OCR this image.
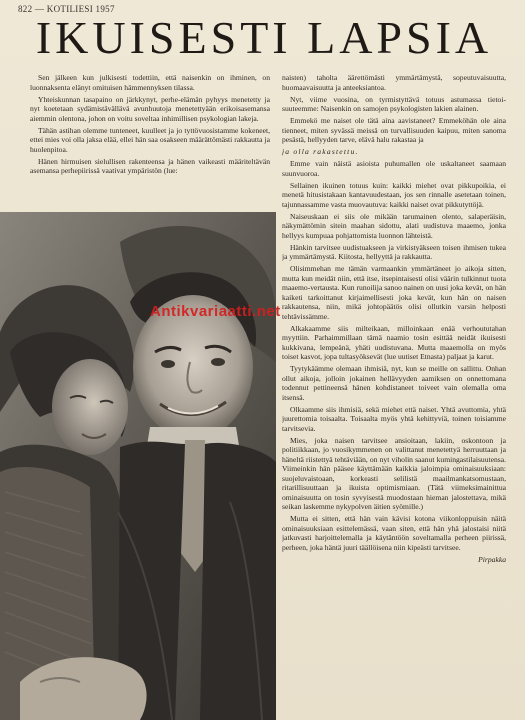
822 — KOTILIESI 1957
IKUISESTI LAPSIA

Sen jälkeen kun julkisesti todettiin, että naisenkin on ihminen, on luonnaksenta elänyt omituisen hämmennyksen tilassa.

Yhteiskunnan tasapaino on järkkynyt, perhe-elämän pyhyys menetetty ja nyt koetetaan sydämistävällävä avunhuutoja menetettyään erikoisasemansa aiemmin olentona, johon on voitu soveltaa inhimillisen psykologian lakeja.

Tähän astihan olemme tunteneet, kuulleet ja jo tyttövuosistamme kokeneet, ettei mies voi olla jaksa elää, ellei hän saa osakseen määrättömästi rakkautta ja huolenpitoa.

Hänen hirmuisen sielullisen rakenteensa ja hänen vaikeasti määriteltävän asemansa perhepiirissä vaativat ympäristön (lue:

Antikvariaatti.net

naisten) taholta äärettömästi ymmärtämystä, sopeutuvaisuutta, huomaavaisuutta ja anteeksiantoa.

Nyt, viime vuosina, on tyrmistyttävä totuus astumassa tietoisuuteemme: Naisenkin on samojen psykologisten lakien alainen.

Emmekö me naiset ole tätä aina aavistaneet? Emmeköhän ole aina tienneet, miten syvässä meissä on turvallisuuden kaipuu, miten sanoma pesästä, hellyyden tarve, elävä halu rakastaa ja

ja olla rakastettu.

Emme vain näistä asioista puhumallen ole uskaltaneet saamaan suunvuoroa.

Sellainen ikuinen totuus kuin: kaikki miehet ovat pikkupoikia, ei menetä hitusistakaan kantavuudestaan, jos sen rinnalle asetetaan toinen, tajunnassamme vasta muovautuva: kaikki naiset ovat pikkutyttöjä.

Naiseuskaan ei siis ole mikään tarumainen olento, salaperäisin, näkymättömin sitein maahan sidottu, alati uudistuva maaemo, jonka hellyys kumpuaa pohjattomista luonnon lähteistä.

Hänkin tarvitsee uudistuakseen ja virkistyäkseen toisen ihmisen tukea ja ymmärtämystä. Kiitosta, hellyyttä ja rakkautta.

Olisimmehan me tämän varmaankin ymmärtäneet jo aikoja sitten, mutta kun meidät niin, että itse, itsepintaisesti olisi väärin tulkinnut tuota maaemo-vertausta. Kun runoilija sanoo nainen on uusi joka kevät, on hän kaiketi tarkoittanut kirjaimellisesti joka kevät, kun hän on naisen rakkautensa, niin, mikä johtopäätös olisi ollutkin varsin helposti tehtävissämme.

Alkakaamme siis milteikaan, milloinkaan enää verhoututahan myyttiin. Parhaimmillaan tämä naamio tosin esittää neidät ikuisesti kukkivana, lempeänä, yhäti uudistuvana. Mutta maaemolla on myös toiset kasvot, jopa tultasyöksevät (lue uutiset Etnasta) paljaat ja karut.

Tyytykäämme olemaan ihmisiä, nyt, kun se meille on sallittu. Onhan ollut aikoja, jolloin jokainen hellävyyden aamiksen on onnettomana todennut pettineensä hänen kohdistaneet toiveet vain olemalla oma itsensä.

Olkaamme siis ihmisiä, sekä miehet että naiset. Yhtä avuttomia, yhtä juurettomia toisaalta. Toisaalta myös yhtä kehittyviä, toinen toisiamme tarvitsevia.

Mies, joka naisen tarvitsee ansioitaan, lakiin, oskontoon ja politiikkaan, jo vuosikymmenen on valittanut menetettyä herruuttaan ja häneltä riistettyä tehtäviään, on nyt viholin saanut kumingastilaisuutensa. Viimeinkin hän pääsee käyttämään kaikkia jaloimpia ominaisuuksiaan: suojeluvaistoaan, korkeasti selilistä maailmankatsomustaan, ritarillisuuttaan ja ikuista optimismiaan. (Tätä viimeksimainittua ominaisuutta on tosin syvyisestä muodostaan hieman jalostettava, mikä seikan laskemme nykypolven äitien syömille.)

Mutta ei sitten, että hän vain kävisi kotona viikonloppuisin näitä ominaisuuksiaan esittelemässä, vaan siten, että hän yhä jalostaisi niitä jatkuvasti harjoittelemalla ja käytäntöön soveltamalla perheen piirissä, perheen, joka häntä juuri täällöisena niin kipeästi tarvitsee.

Pirpakka
